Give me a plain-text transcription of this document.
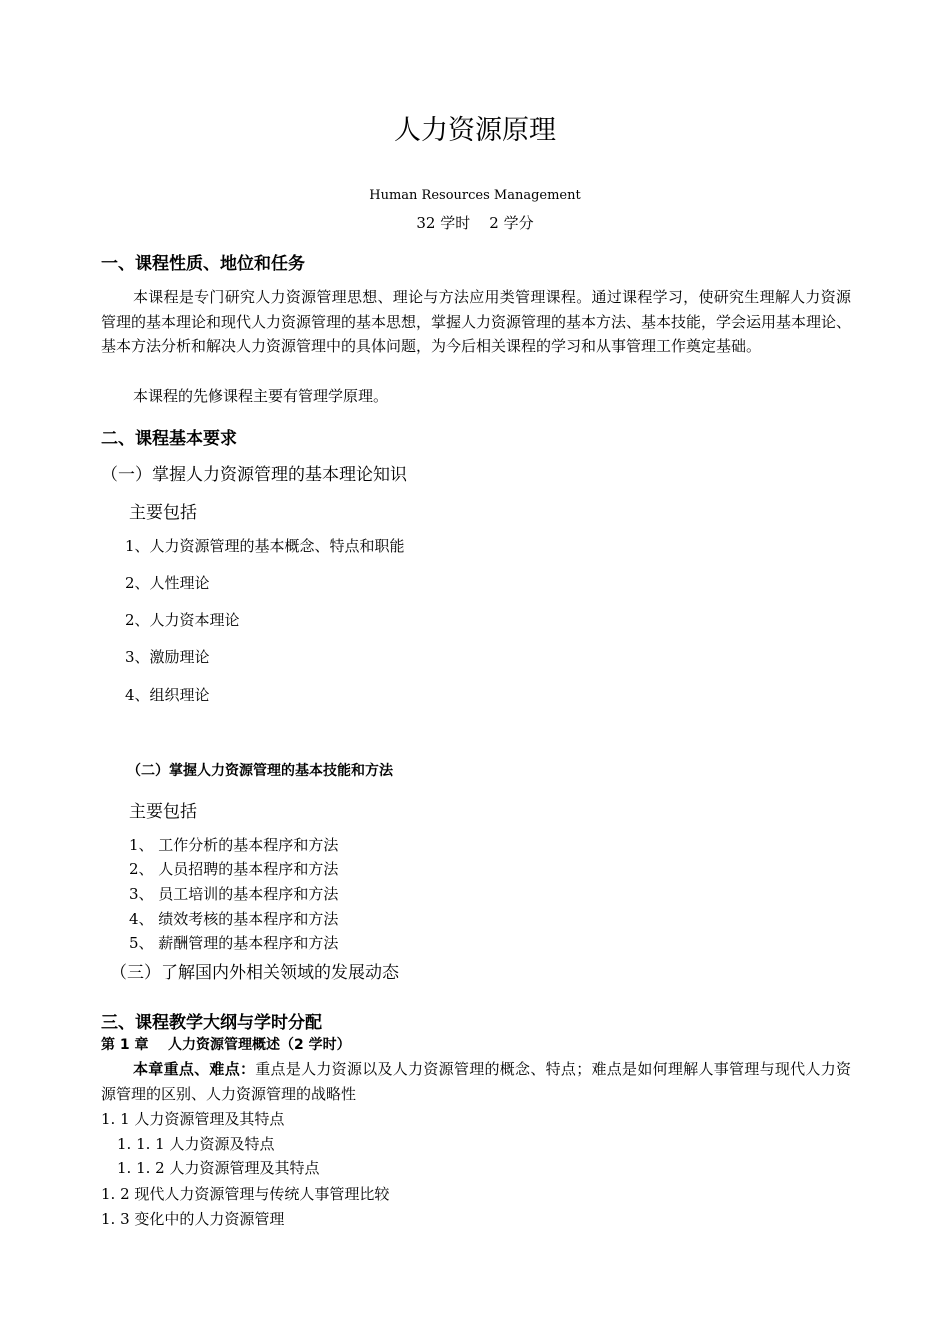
人力资源原理
Human Resources Management
32 学时    2 学分
一、课程性质、地位和任务
本课程是专门研究人力资源管理思想、理论与方法应用类管理课程。通过课程学习，使研究生理解人力资源管理的基本理论和现代人力资源管理的基本思想，掌握人力资源管理的基本方法、基本技能，学会运用基本理论、基本方法分析和解决人力资源管理中的具体问题，为今后相关课程的学习和从事管理工作奠定基础。
本课程的先修课程主要有管理学原理。
二、课程基本要求
（一）掌握人力资源管理的基本理论知识
主要包括
1、人力资源管理的基本概念、特点和职能
2、人性理论
2、人力资本理论
3、激励理论
4、组织理论
（二）掌握人力资源管理的基本技能和方法
主要包括
1、 工作分析的基本程序和方法
2、 人员招聘的基本程序和方法
3、 员工培训的基本程序和方法
4、 绩效考核的基本程序和方法
5、 薪酬管理的基本程序和方法
（三）了解国内外相关领域的发展动态
三、课程教学大纲与学时分配
第 1 章    人力资源管理概述（2 学时）
本章重点、难点：重点是人力资源以及人力资源管理的概念、特点；难点是如何理解人事管理与现代人力资源管理的区别、人力资源管理的战略性
1. 1 人力资源管理及其特点
1. 1. 1 人力资源及特点
1. 1. 2 人力资源管理及其特点
1. 2 现代人力资源管理与传统人事管理比较
1. 3 变化中的人力资源管理
